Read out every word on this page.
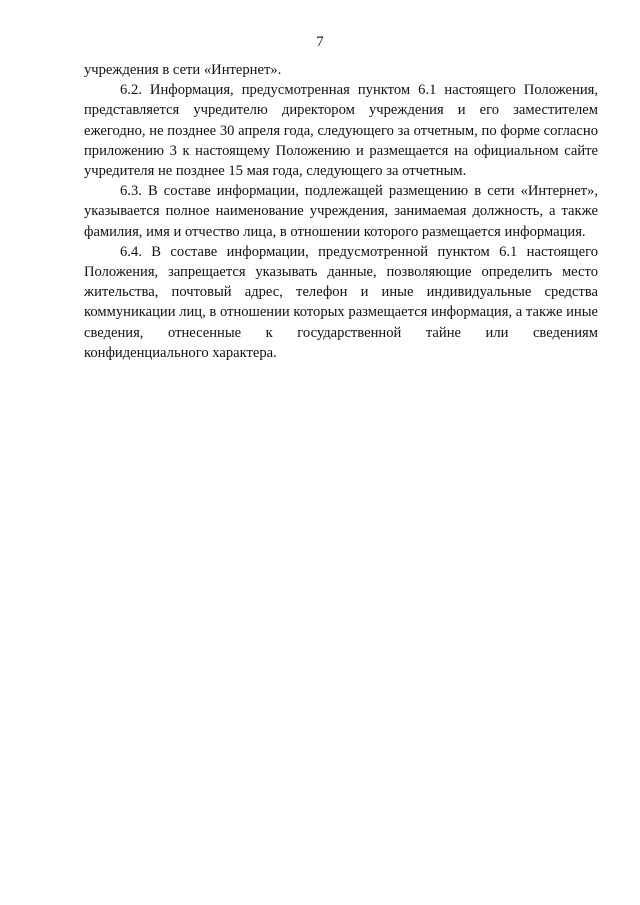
7

учреждения в сети «Интернет».

6.2. Информация, предусмотренная пунктом 6.1 настоящего Положения, представляется учредителю директором учреждения и его заместителем ежегодно, не позднее 30 апреля года, следующего за отчетным, по форме согласно приложению 3 к настоящему Положению и размещается на официальном сайте учредителя не позднее 15 мая года, следующего за отчетным.

6.3. В составе информации, подлежащей размещению в сети «Интернет», указывается полное наименование учреждения, занимаемая должность, а также фамилия, имя и отчество лица, в отношении которого размещается информация.

6.4. В составе информации, предусмотренной пунктом 6.1 настоящего Положения, запрещается указывать данные, позволяющие определить место жительства, почтовый адрес, телефон и иные индивидуальные средства коммуникации лиц, в отношении которых размещается информация, а также иные сведения, отнесенные к государственной тайне или сведениям конфиденциального характера.
